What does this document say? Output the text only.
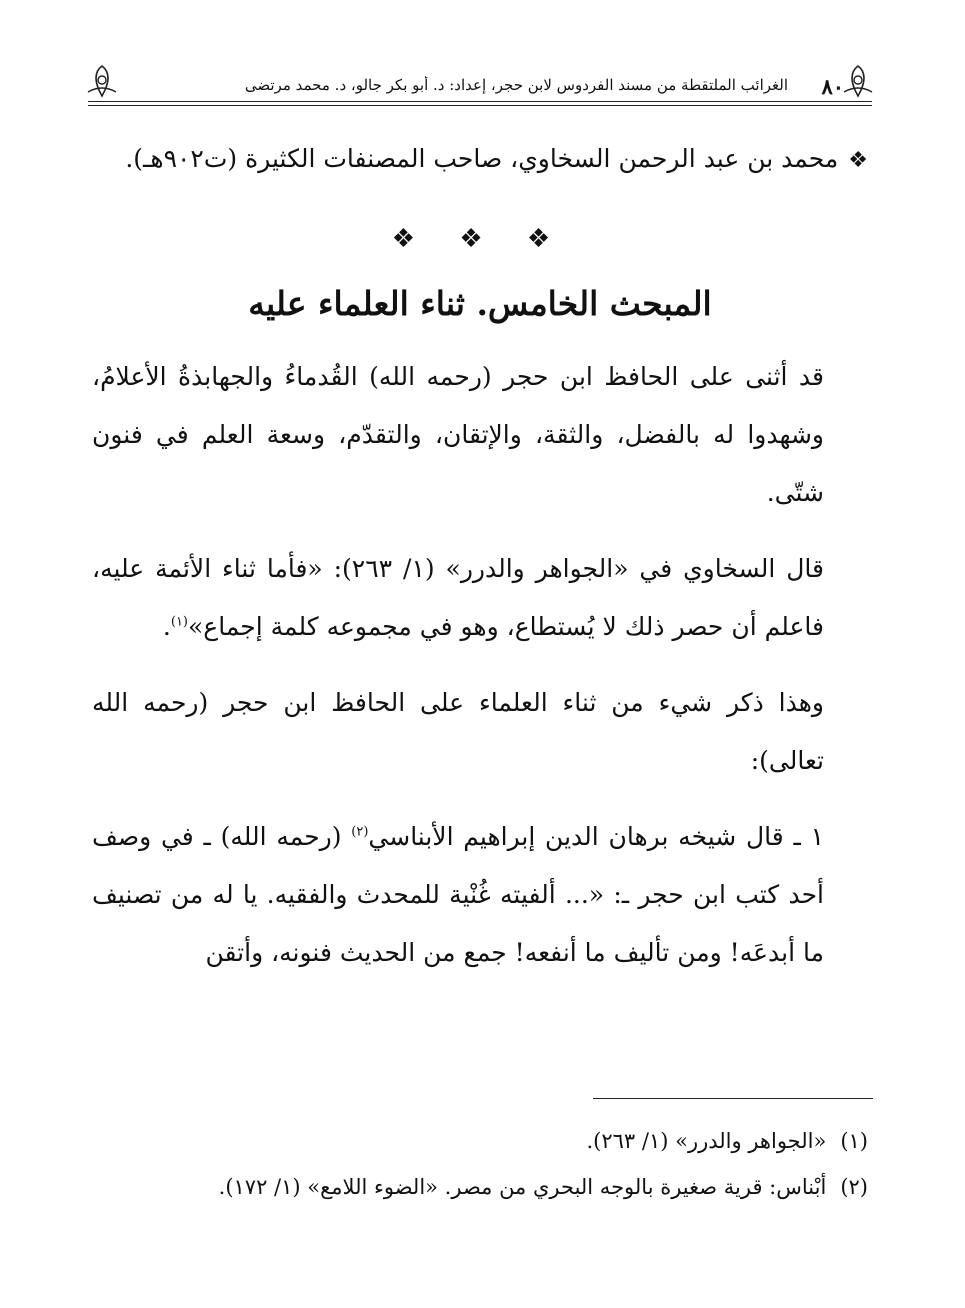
٨٠
الغرائب الملتقطة من مسند الفردوس لابن حجر، إعداد: د. أبو بكر جالو، د. محمد مرتضى

❖محمد بن عبد الرحمن السخاوي، صاحب المصنفات الكثيرة (ت٩٠٢هـ).

❖ ❖ ❖
المبحث الخامس. ثناء العلماء عليه

قد أثنى على الحافظ ابن حجر (رحمه الله) القُدماءُ والجهابذةُ الأعلامُ، وشهدوا له بالفضل، والثقة، والإتقان، والتقدّم، وسعة العلم في فنون شتّى.

قال السخاوي في «الجواهر والدرر» (١/ ٢٦٣): «فأما ثناء الأئمة عليه، فاعلم أن حصر ذلك لا يُستطاع، وهو في مجموعه كلمة إجماع»$^{(١)}$.

وهذا ذكر شيء من ثناء العلماء على الحافظ ابن حجر (رحمه الله تعالى):

١ ـ قال شيخه برهان الدين إبراهيم الأبناسي$^{(٢)}$ (رحمه الله) ـ في وصف أحد كتب ابن حجر ـ: «... ألفيته غُنْية للمحدث والفقيه. يا له من تصنيف ما أبدعَه! ومن تأليف ما أنفعه! جمع من الحديث فنونه، وأتقن

(١)
«الجواهر والدرر» (١/ ٢٦٣).
(٢)
أبْناس: قرية صغيرة بالوجه البحري من مصر. «الضوء اللامع» (١/ ١٧٢).
